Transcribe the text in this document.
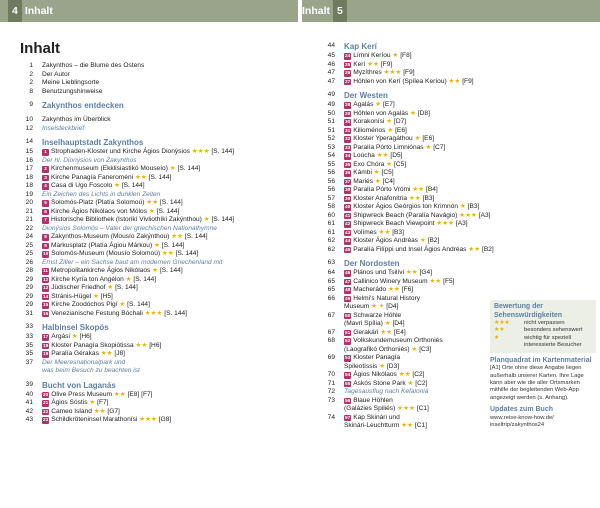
4 Inhalt	Inhalt 5
Inhalt
1	Zakynthos – die Blume des Ostens
2	Der Autor
2	Meine Lieblingsorte
8	Benutzungshinweise
9	Zakynthos entdecken
10	Zakynthos im Überblick
12	Inselsteckbrief
14	Inselhauptstadt Zakynthos
15	1 Strophaden-Kloster und Kirche Ágios Dionýsios ★★★ [S. 144]
16	Der hl. Dionýsios von Zakynthos
17	2 Kirchenmuseum (Ekklisiastikó Mouseío) ★ [S. 144]
18	3 Kirche Panagía Faneroméni ★★ [S. 144]
18	4 Casa di Ugo Foscolo ★ [S. 144]
19	Ein Zeichen des Lichts in dunklen Zeiten
20	5 Solomós-Platz (Platía Solomoú) ★★ [S. 144]
21	6 Kirche Ágios Nikólaos von Mólos ★ [S. 144]
21	7 Historische Bibliothek (Istorikí Vivliothíki Zakýnthou) ★ [S. 144]
22	Dionýsios Solomós – Vater der griechischen Nationalhymne
24	8 Zakynthos-Museum (Mousío Zakýnthou) ★★ [S. 144]
25	9 Markusplatz (Platía Ágiou Márkou) ★ [S. 144]
25	10 Solomós-Museum (Mousío Solomoú) ★★ [S. 144]
26	Ernst Ziller – ein Sachse baut am modernen Griechenland mit
28	11 Metropolitankirche Ágios Nikólaos ★ [S. 144]
29	12 Kirche Kyría ton Angélon ★ [S. 144]
29	13 Jüdischer Friedhof ★ [S. 144]
29	14 Stránis-Hügel ★ [H5]
29	15 Kirche Zoodóchos Pigí ★ [S. 144]
31	16 Venezianische Festung Bóchali ★★★ [S. 144]
33	Halbinsel Skopós
33	17 Argási ★ [H6]
35	18 Kloster Panagía Skopiótissa ★★ [H6]
35	19 Paralía Gérakas ★★ [J8]
37	Der Meeresnationalpark und
was beim Besuch zu beachten ist
39	Bucht von Laganás
40	20 Olive Press Museum ★★ [E8] [F7]
41	21 Ágios Sóstis ★ [F7]
42	22 Cameo Island ★★ [G7]
43	23 Schildkröteninsel Marathonísi ★★★ [G8]
44	Kap Kerí
45	24 Límni Keríou ★ [F8]
46	25 Kerí ★★ [F9]
47	26 Myzíthres ★★★ [F9]
47	27 Höhlen von Kerí (Spílea Keríou) ★★ [F9]
49	Der Westen
49	28 Agalás ★ [E7]
50	29 Höhlen von Agalás ★ [D8]
51	30 Korakonísi ★ [D7]
51	31 Kilioménos ★ [E6]
52	32 Kloster Yperagáthou ★ [E6]
53	33 Paralía Pórto Limniónas ★ [C7]
54	34 Loúcha ★★ [D5]
55	35 Exo Chóra ★ [C5]
56	36 Kámbi ★ [C5]
56	37 Mariés ★ [C4]
56	38 Paralía Pórto Vrómi ★★ [B4]
57	39 Kloster Anafonítria ★★ [B3]
58	40 Kloster Ágios Geórgios ton Krimnón ★ [B3]
60	41 Shipwreck Beach (Paralía Navágio) ★★★ [A3]
61	42 Shipwreck Beach Viewpoint ★★★ [A3]
61	43 Volímes ★★ [B3]
62	44 Kloster Ágios Andréas ★ [B2]
62	45 Paralía Filíppi und Insel Ágios Andréas ★★ [B2]
63	Der Nordosten
64	46 Plános und Tsilívi ★★ [G4]
65	47 Callinico Winery Museum ★★ [F5]
65	48 Macherádo ★★ [F6]
66	49 Helmi's Natural History
Museum ★ ✦ [D4]
67	50 Schwarze Höhle
(Mavri Spília) ★ [D4]
67	51 Gerakári ★★ [E4]
68	52 Volkskundemuseum Orthoniés
(Laografikó Orthoniés) ★ [C3]
69	53 Kloster Panagía
Spileotíssis ★ [D3]
70	54 Ágios Nikólaos ★★ [C2]
71	55 Askós Stone Park ★ [C2]
72	Tagesausflug nach Kefaloniá
73	56 Blaue Höhlen
(Galázies Spiliés) ★★★ [C1]
74	57 Kap Skinári und
Skinári-Leuchtturm ★★ [C1]
Bewertung der Sehenswürdigkeiten
★★★	nicht verpassen
★★	besonders sehenswert
★	wichtig für speziell interessierte Besucher
Planquadrat im Kartenmaterial
[A1] Orte ohne diese Angabe liegen außerhalb unserer Karten. Ihre Lage kann aber wie die aller Ortsmarken mithilfe der begleitenden Web-App angezeigt werden (s. Anhang).
Updates zum Buch
www.reise-know-how.de/ inseltrip/zakynthos24
